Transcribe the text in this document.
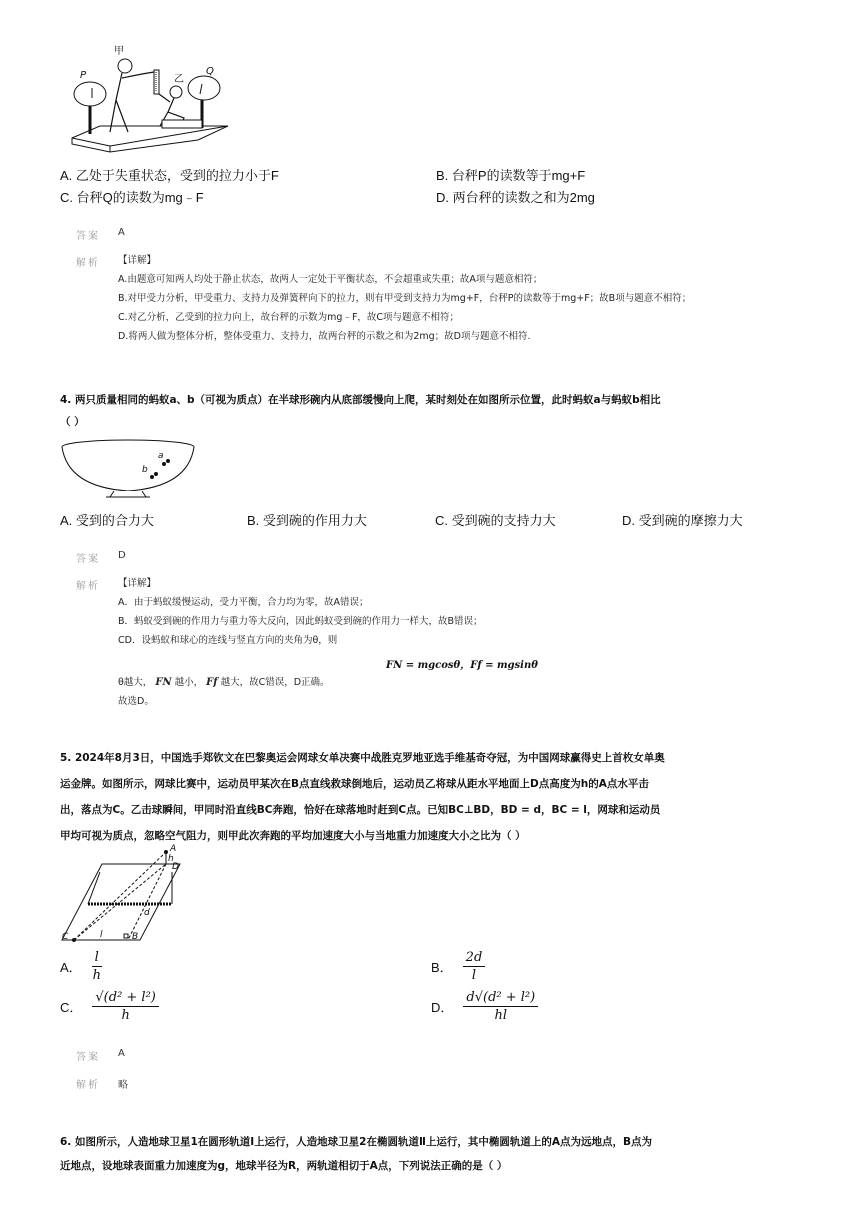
甲
乙
P	Q
A. 乙处于失重状态，受到的拉力小于F	B. 台秤P的读数等于mg+F
C. 台秤Q的读数为mg﹣F	D. 两台秤的读数之和为2mg
答案 A
解析 【详解】
A.由题意可知两人均处于静止状态，故两人一定处于平衡状态，不会超重或失重；故A项与题意相符；
B.对甲受力分析，甲受重力、支持力及弹簧秤向下的拉力，则有甲受到支持力为mg+F，台秤P的读数等于mg+F；故B项与题意不相符；
C.对乙分析，乙受到的拉力向上，故台秤的示数为mg﹣F，故C项与题意不相符；
D.将两人做为整体分析，整体受重力、支持力，故两台秤的示数之和为2mg；故D项与题意不相符.
4. 两只质量相同的蚂蚁a、b（可视为质点）在半球形碗内从底部缓慢向上爬，某时刻处在如图所示位置，此时蚂蚁a与蚂蚁b相比
（ ）
a
b
A. 受到的合力大	B. 受到碗的作用力大	C. 受到碗的支持力大	D. 受到碗的摩擦力大
答案 D
解析 【详解】
A．由于蚂蚁缓慢运动，受力平衡，合力均为零，故A错误；
B．蚂蚁受到碗的作用力与重力等大反向，因此蚂蚁受到碗的作用力一样大，故B错误；
CD．设蚂蚁和球心的连线与竖直方向的夹角为θ，则
FN = mgcosθ，Ff = mgsinθ
θ越大， FN 越小， Ff 越大，故C错误，D正确。
故选D。
5. 2024年8月3日，中国选手郑钦文在巴黎奥运会网球女单决赛中战胜克罗地亚选手维基奇夺冠，为中国网球赢得史上首枚女单奥
运金牌。如图所示，网球比赛中，运动员甲某次在B点直线救球倒地后，运动员乙将球从距水平地面上D点高度为h的A点水平击
出，落点为C。乙击球瞬间，甲同时沿直线BC奔跑，恰好在球落地时赶到C点。已知BC⊥BD，BD = d，BC = l，网球和运动员
甲均可视为质点，忽略空气阻力，则甲此次奔跑的平均加速度大小与当地重力加速度大小之比为（ ）
A
h
D
d
C	l	B
A． $\frac{l}{h}$	B． $\frac{2d}{l}$
C． $\frac{\text{√(d² + l²)}}{h}$	D． $\frac{\text{d√(d² + l²)}}{hl}$
答案 A
解析 略
6. 如图所示，人造地球卫星1在圆形轨道Ⅰ上运行，人造地球卫星2在椭圆轨道Ⅱ上运行，其中椭圆轨道上的A点为远地点，B点为
近地点，设地球表面重力加速度为g，地球半径为R，两轨道相切于A点，下列说法正确的是（ ）
